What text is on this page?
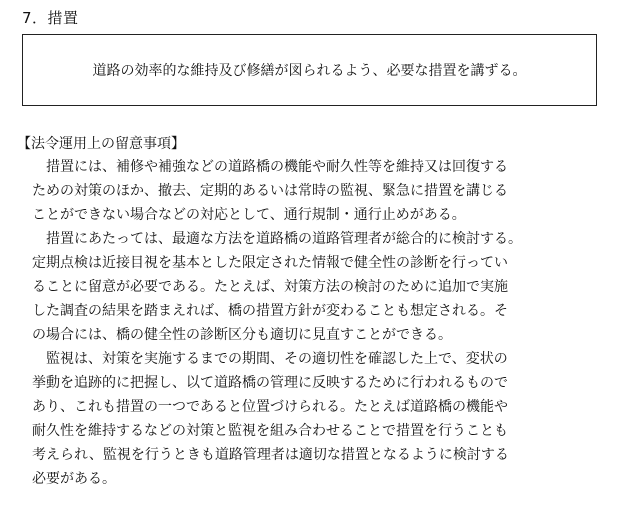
7．措置
道路の効率的な維持及び修繕が図られるよう、必要な措置を講ずる。
【法令運用上の留意事項】
　措置には、補修や補強などの道路橋の機能や耐久性等を維持又は回復する
ための対策のほか、撤去、定期的あるいは常時の監視、緊急に措置を講じる
ことができない場合などの対応として、通行規制・通行止めがある。
　措置にあたっては、最適な方法を道路橋の道路管理者が総合的に検討する。
定期点検は近接目視を基本とした限定された情報で健全性の診断を行ってい
ることに留意が必要である。たとえば、対策方法の検討のために追加で実施
した調査の結果を踏まえれば、橋の措置方針が変わることも想定される。そ
の場合には、橋の健全性の診断区分も適切に見直すことができる。
　監視は、対策を実施するまでの期間、その適切性を確認した上で、変状の
挙動を追跡的に把握し、以て道路橋の管理に反映するために行われるもので
あり、これも措置の一つであると位置づけられる。たとえば道路橋の機能や
耐久性を維持するなどの対策と監視を組み合わせることで措置を行うことも
考えられ、監視を行うときも道路管理者は適切な措置となるように検討する
必要がある。
